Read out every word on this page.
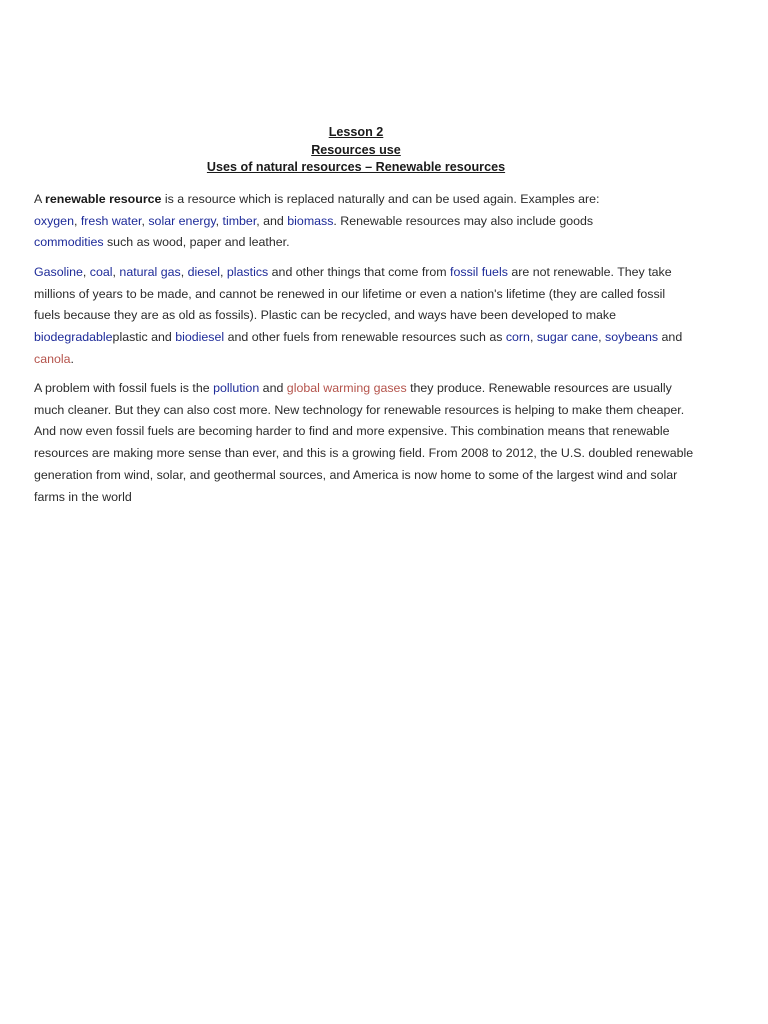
Lesson 2
Resources use
Uses of natural resources – Renewable resources

A renewable resource is a resource which is replaced naturally and can be used again. Examples are: oxygen, fresh water, solar energy, timber, and biomass. Renewable resources may also include goods commodities such as wood, paper and leather.

Gasoline, coal, natural gas, diesel, plastics and other things that come from fossil fuels are not renewable. They take millions of years to be made, and cannot be renewed in our lifetime or even a nation's lifetime (they are called fossil fuels because they are as old as fossils). Plastic can be recycled, and ways have been developed to make biodegradableplastic and biodiesel and other fuels from renewable resources such as corn, sugar cane, soybeans and canola.

A problem with fossil fuels is the pollution and global warming gases they produce. Renewable resources are usually much cleaner. But they can also cost more. New technology for renewable resources is helping to make them cheaper. And now even fossil fuels are becoming harder to find and more expensive. This combination means that renewable resources are making more sense than ever, and this is a growing field. From 2008 to 2012, the U.S. doubled renewable generation from wind, solar, and geothermal sources, and America is now home to some of the largest wind and solar farms in the world
